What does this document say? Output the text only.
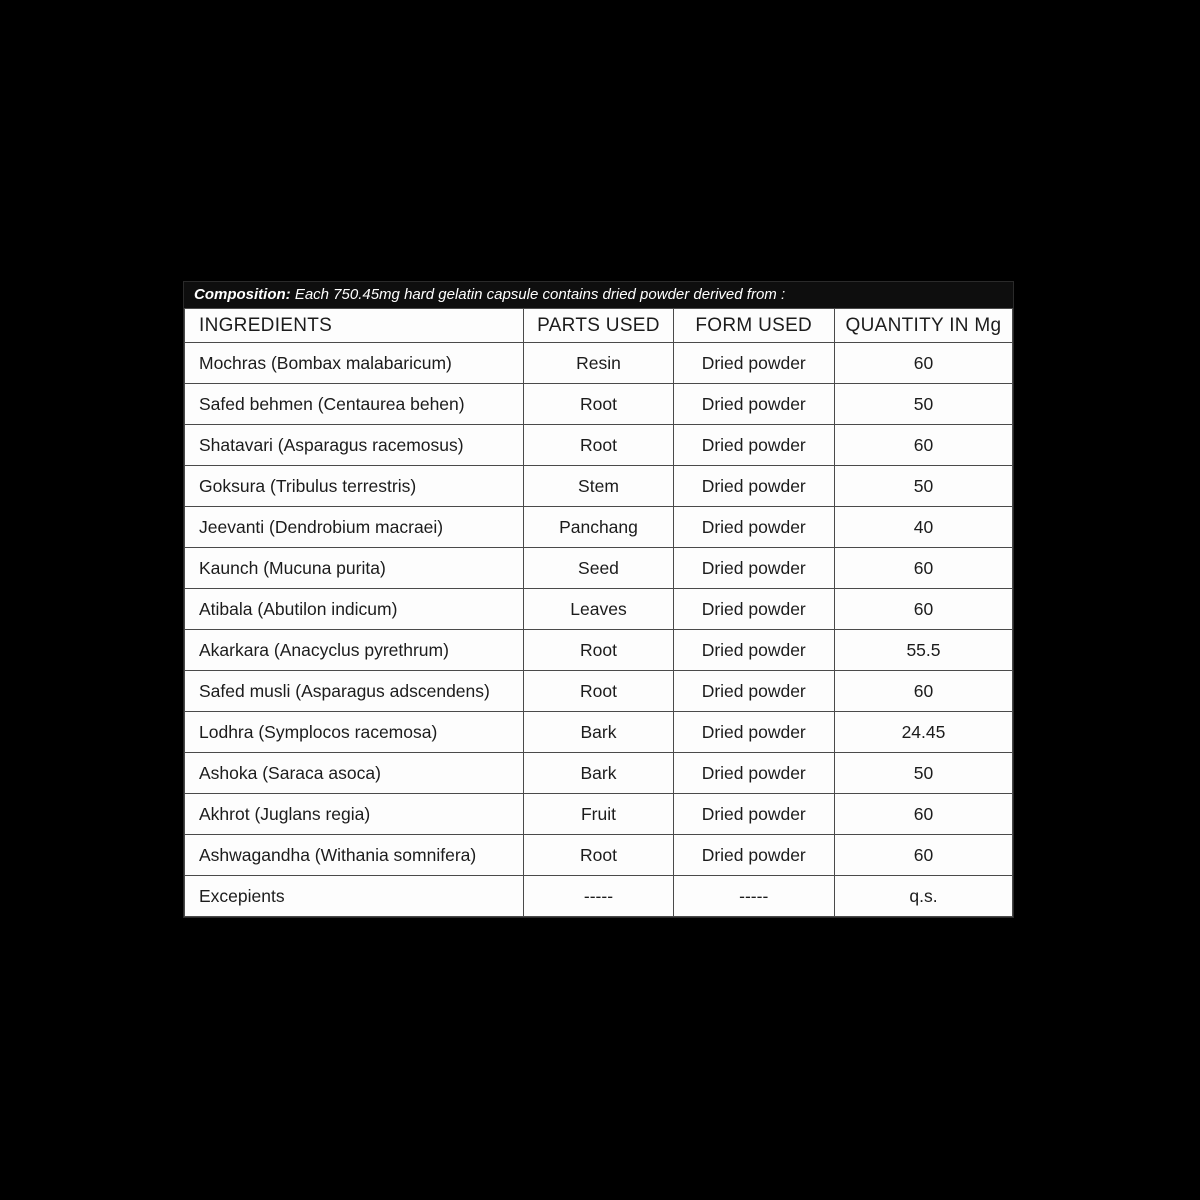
Composition: Each 750.45mg hard gelatin capsule contains dried powder derived from :
INGREDIENTS	PARTS USED	FORM USED	QUANTITY IN Mg
Mochras (Bombax malabaricum)	Resin	Dried powder	60
Safed behmen (Centaurea behen)	Root	Dried powder	50
Shatavari (Asparagus racemosus)	Root	Dried powder	60
Goksura (Tribulus terrestris)	Stem	Dried powder	50
Jeevanti (Dendrobium macraei)	Panchang	Dried powder	40
Kaunch (Mucuna purita)	Seed	Dried powder	60
Atibala (Abutilon indicum)	Leaves	Dried powder	60
Akarkara (Anacyclus pyrethrum)	Root	Dried powder	55.5
Safed musli (Asparagus adscendens)	Root	Dried powder	60
Lodhra (Symplocos racemosa)	Bark	Dried powder	24.45
Ashoka (Saraca asoca)	Bark	Dried powder	50
Akhrot (Juglans regia)	Fruit	Dried powder	60
Ashwagandha (Withania somnifera)	Root	Dried powder	60
Excepients	-----	-----	q.s.
